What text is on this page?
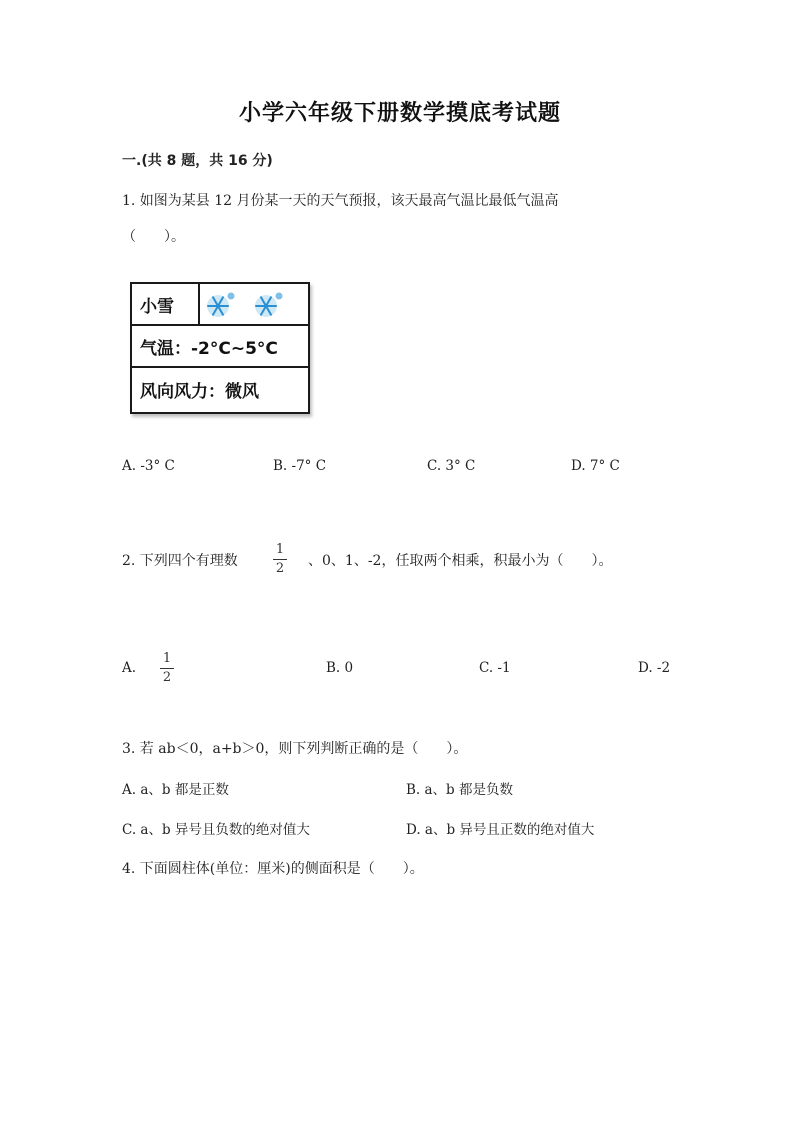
小学六年级下册数学摸底考试题
一.(共 8 题，共 16 分)
1. 如图为某县 12 月份某一天的天气预报，该天最高气温比最低气温高
（　　）。
小雪
气温：-2°C~5°C
风向风力：微风
A. -3° C	B. -7° C	C. 3° C	D. 7° C
2. 下列四个有理数
1
2 、0、1、-2，任取两个相乘，积最小为（　　）。
A.
1
2
B. 0	C. -1	D. -2
3. 若 ab＜0，a+b＞0，则下列判断正确的是（　　）。
A. a、b 都是正数	B. a、b 都是负数
C. a、b 异号且负数的绝对值大	D. a、b 异号且正数的绝对值大
4. 下面圆柱体(单位：厘米)的侧面积是（　　）。
